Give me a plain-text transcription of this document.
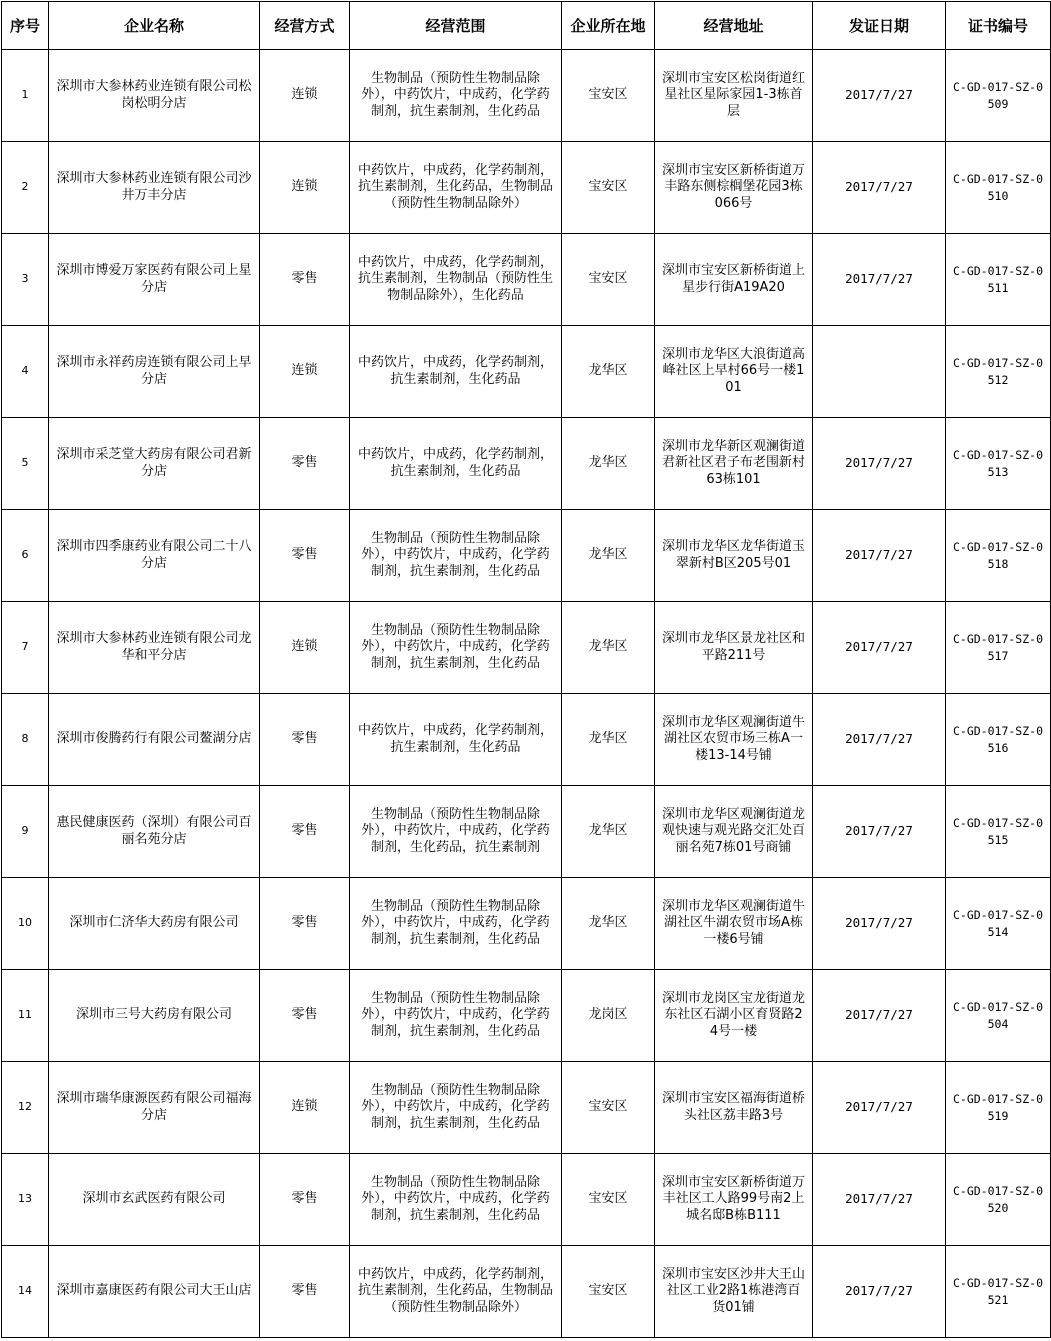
序号	企业名称	经营方式	经营范围	企业所在地	经营地址	发证日期	证书编号
1	深圳市大参林药业连锁有限公司松岗松明分店	连锁	生物制品（预防性生物制品除外），中药饮片，中成药，化学药制剂，抗生素制剂，生化药品	宝安区	深圳市宝安区松岗街道红星社区星际家园1-3栋首层	2017/7/27	C-GD-017-SZ-0509
2	深圳市大参林药业连锁有限公司沙井万丰分店	连锁	中药饮片，中成药，化学药制剂，抗生素制剂，生化药品，生物制品（预防性生物制品除外）	宝安区	深圳市宝安区新桥街道万丰路东侧棕榈堡花园3栋066号	2017/7/27	C-GD-017-SZ-0510
3	深圳市博爱万家医药有限公司上星分店	零售	中药饮片，中成药，化学药制剂，抗生素制剂，生物制品（预防性生物制品除外），生化药品	宝安区	深圳市宝安区新桥街道上星步行街A19A20	2017/7/27	C-GD-017-SZ-0511
4	深圳市永祥药房连锁有限公司上早分店	连锁	中药饮片，中成药，化学药制剂，抗生素制剂，生化药品	龙华区	深圳市龙华区大浪街道高峰社区上早村66号一楼101		C-GD-017-SZ-0512
5	深圳市采芝堂大药房有限公司君新分店	零售	中药饮片，中成药，化学药制剂，抗生素制剂，生化药品	龙华区	深圳市龙华新区观澜街道君新社区君子布老围新村63栋101	2017/7/27	C-GD-017-SZ-0513
6	深圳市四季康药业有限公司二十八分店	零售	生物制品（预防性生物制品除外），中药饮片，中成药，化学药制剂，抗生素制剂，生化药品	龙华区	深圳市龙华区龙华街道玉翠新村B区205号01	2017/7/27	C-GD-017-SZ-0518
7	深圳市大参林药业连锁有限公司龙华和平分店	连锁	生物制品（预防性生物制品除外），中药饮片，中成药，化学药制剂，抗生素制剂，生化药品	龙华区	深圳市龙华区景龙社区和平路211号	2017/7/27	C-GD-017-SZ-0517
8	深圳市俊腾药行有限公司鳌湖分店	零售	中药饮片，中成药，化学药制剂，抗生素制剂，生化药品	龙华区	深圳市龙华区观澜街道牛湖社区农贸市场三栋A一楼13-14号铺	2017/7/27	C-GD-017-SZ-0516
9	惠民健康医药（深圳）有限公司百丽名苑分店	零售	生物制品（预防性生物制品除外），中药饮片，中成药，化学药制剂，生化药品，抗生素制剂	龙华区	深圳市龙华区观澜街道龙观快速与观光路交汇处百丽名苑7栋01号商铺	2017/7/27	C-GD-017-SZ-0515
10	深圳市仁济华大药房有限公司	零售	生物制品（预防性生物制品除外），中药饮片，中成药，化学药制剂，抗生素制剂，生化药品	龙华区	深圳市龙华区观澜街道牛湖社区牛湖农贸市场A栋一楼6号铺	2017/7/27	C-GD-017-SZ-0514
11	深圳市三号大药房有限公司	零售	生物制品（预防性生物制品除外），中药饮片，中成药，化学药制剂，抗生素制剂，生化药品	龙岗区	深圳市龙岗区宝龙街道龙东社区石湖小区育贤路24号一楼	2017/7/27	C-GD-017-SZ-0504
12	深圳市瑞华康源医药有限公司福海分店	连锁	生物制品（预防性生物制品除外），中药饮片，中成药，化学药制剂，抗生素制剂，生化药品	宝安区	深圳市宝安区福海街道桥头社区荔丰路3号	2017/7/27	C-GD-017-SZ-0519
13	深圳市玄武医药有限公司	零售	生物制品（预防性生物制品除外），中药饮片，中成药，化学药制剂，抗生素制剂，生化药品	宝安区	深圳市宝安区新桥街道万丰社区工人路99号南2上城名邸B栋B111	2017/7/27	C-GD-017-SZ-0520
14	深圳市嘉康医药有限公司大王山店	零售	中药饮片，中成药，化学药制剂，抗生素制剂，生化药品，生物制品（预防性生物制品除外）	宝安区	深圳市宝安区沙井大王山社区工业2路1栋港湾百货01铺	2017/7/27	C-GD-017-SZ-0521
